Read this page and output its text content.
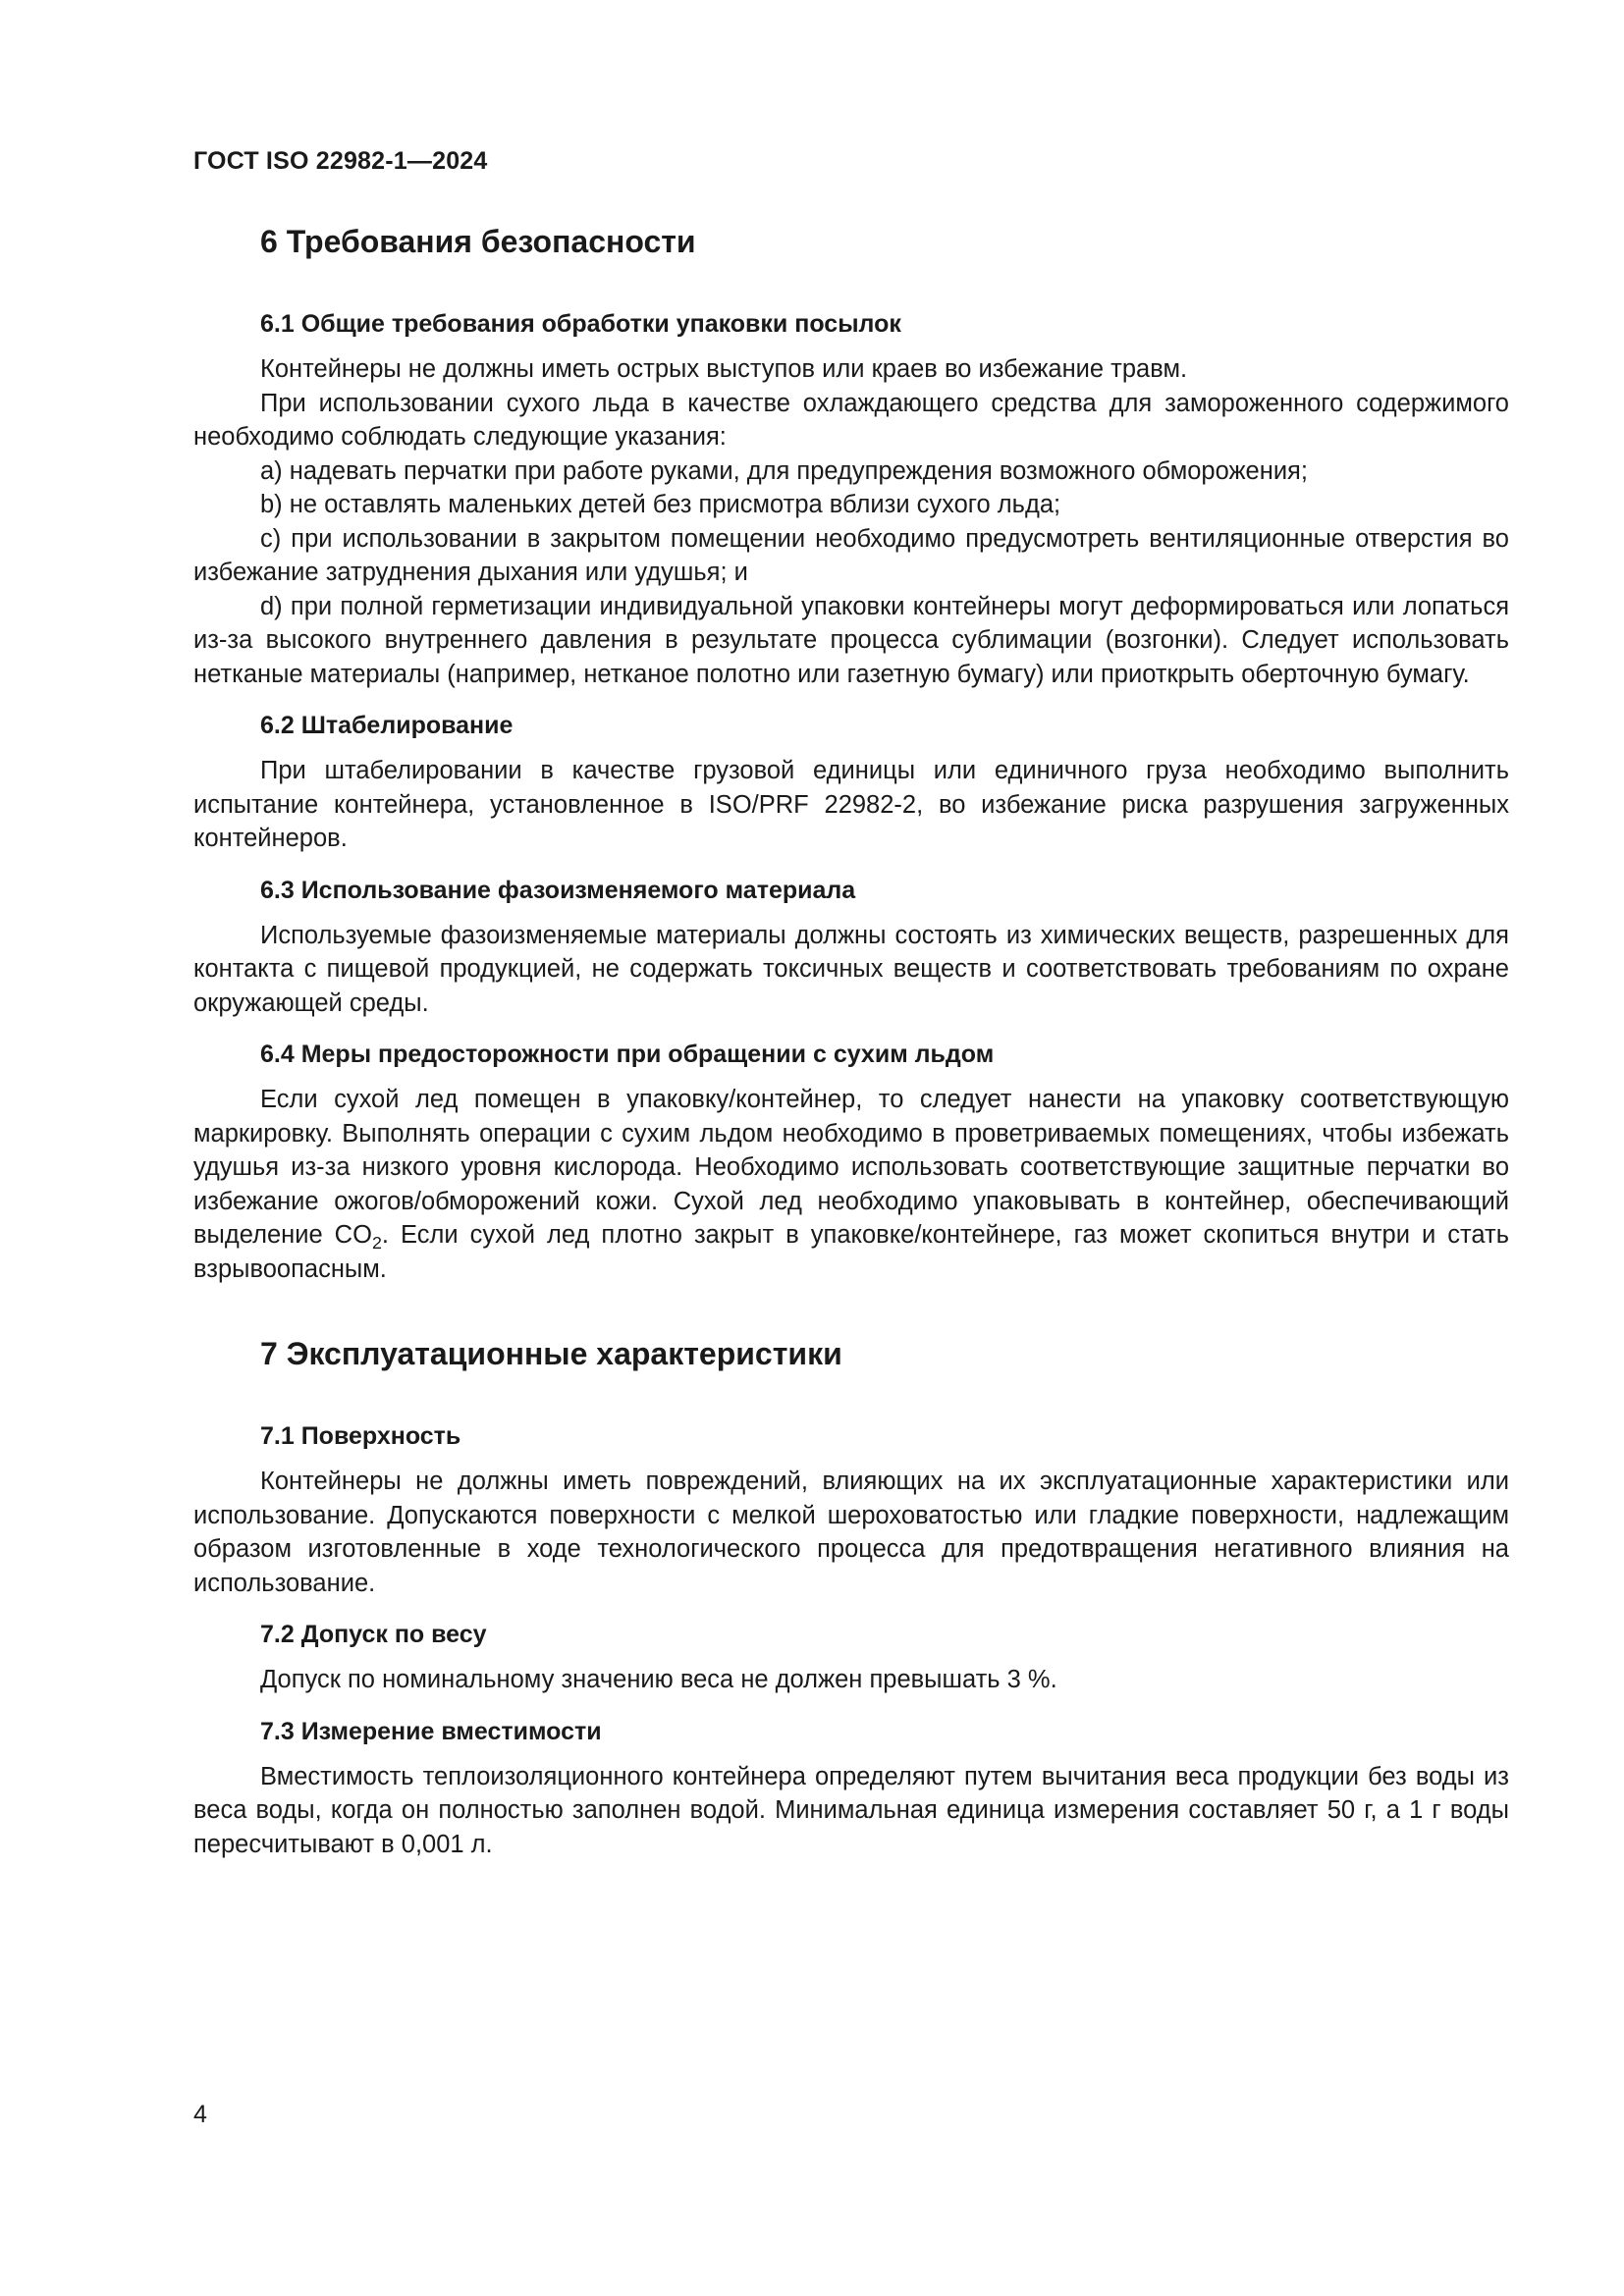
ГОСТ ISO 22982-1—2024
6 Требования безопасности
6.1 Общие требования обработки упаковки посылок

Контейнеры не должны иметь острых выступов или краев во избежание травм.

При использовании сухого льда в качестве охлаждающего средства для замороженного содержимого необходимо соблюдать следующие указания:

a) надевать перчатки при работе руками, для предупреждения возможного обморожения;

b) не оставлять маленьких детей без присмотра вблизи сухого льда;

c) при использовании в закрытом помещении необходимо предусмотреть вентиляционные отверстия во избежание затруднения дыхания или удушья; и

d) при полной герметизации индивидуальной упаковки контейнеры могут деформироваться или лопаться из-за высокого внутреннего давления в результате процесса сублимации (возгонки). Следует использовать нетканые материалы (например, нетканое полотно или газетную бумагу) или приоткрыть оберточную бумагу.

6.2 Штабелирование

При штабелировании в качестве грузовой единицы или единичного груза необходимо выполнить испытание контейнера, установленное в ISO/PRF 22982-2, во избежание риска разрушения загруженных контейнеров.

6.3 Использование фазоизменяемого материала

Используемые фазоизменяемые материалы должны состоять из химических веществ, разрешенных для контакта с пищевой продукцией, не содержать токсичных веществ и соответствовать требованиям по охране окружающей среды.

6.4 Меры предосторожности при обращении с сухим льдом

Если сухой лед помещен в упаковку/контейнер, то следует нанести на упаковку соответствующую маркировку. Выполнять операции с сухим льдом необходимо в проветриваемых помещениях, чтобы избежать удушья из-за низкого уровня кислорода. Необходимо использовать соответствующие защитные перчатки во избежание ожогов/обморожений кожи. Сухой лед необходимо упаковывать в контейнер, обеспечивающий выделение $CO_2$. Если сухой лед плотно закрыт в упаковке/контейнере, газ может скопиться внутри и стать взрывоопасным.

7 Эксплуатационные характеристики
7.1 Поверхность

Контейнеры не должны иметь повреждений, влияющих на их эксплуатационные характеристики или использование. Допускаются поверхности с мелкой шероховатостью или гладкие поверхности, надлежащим образом изготовленные в ходе технологического процесса для предотвращения негативного влияния на использование.

7.2 Допуск по весу

Допуск по номинальному значению веса не должен превышать 3 %.

7.3 Измерение вместимости

Вместимость теплоизоляционного контейнера определяют путем вычитания веса продукции без воды из веса воды, когда он полностью заполнен водой. Минимальная единица измерения составляет 50 г, а 1 г воды пересчитывают в 0,001 л.

4
